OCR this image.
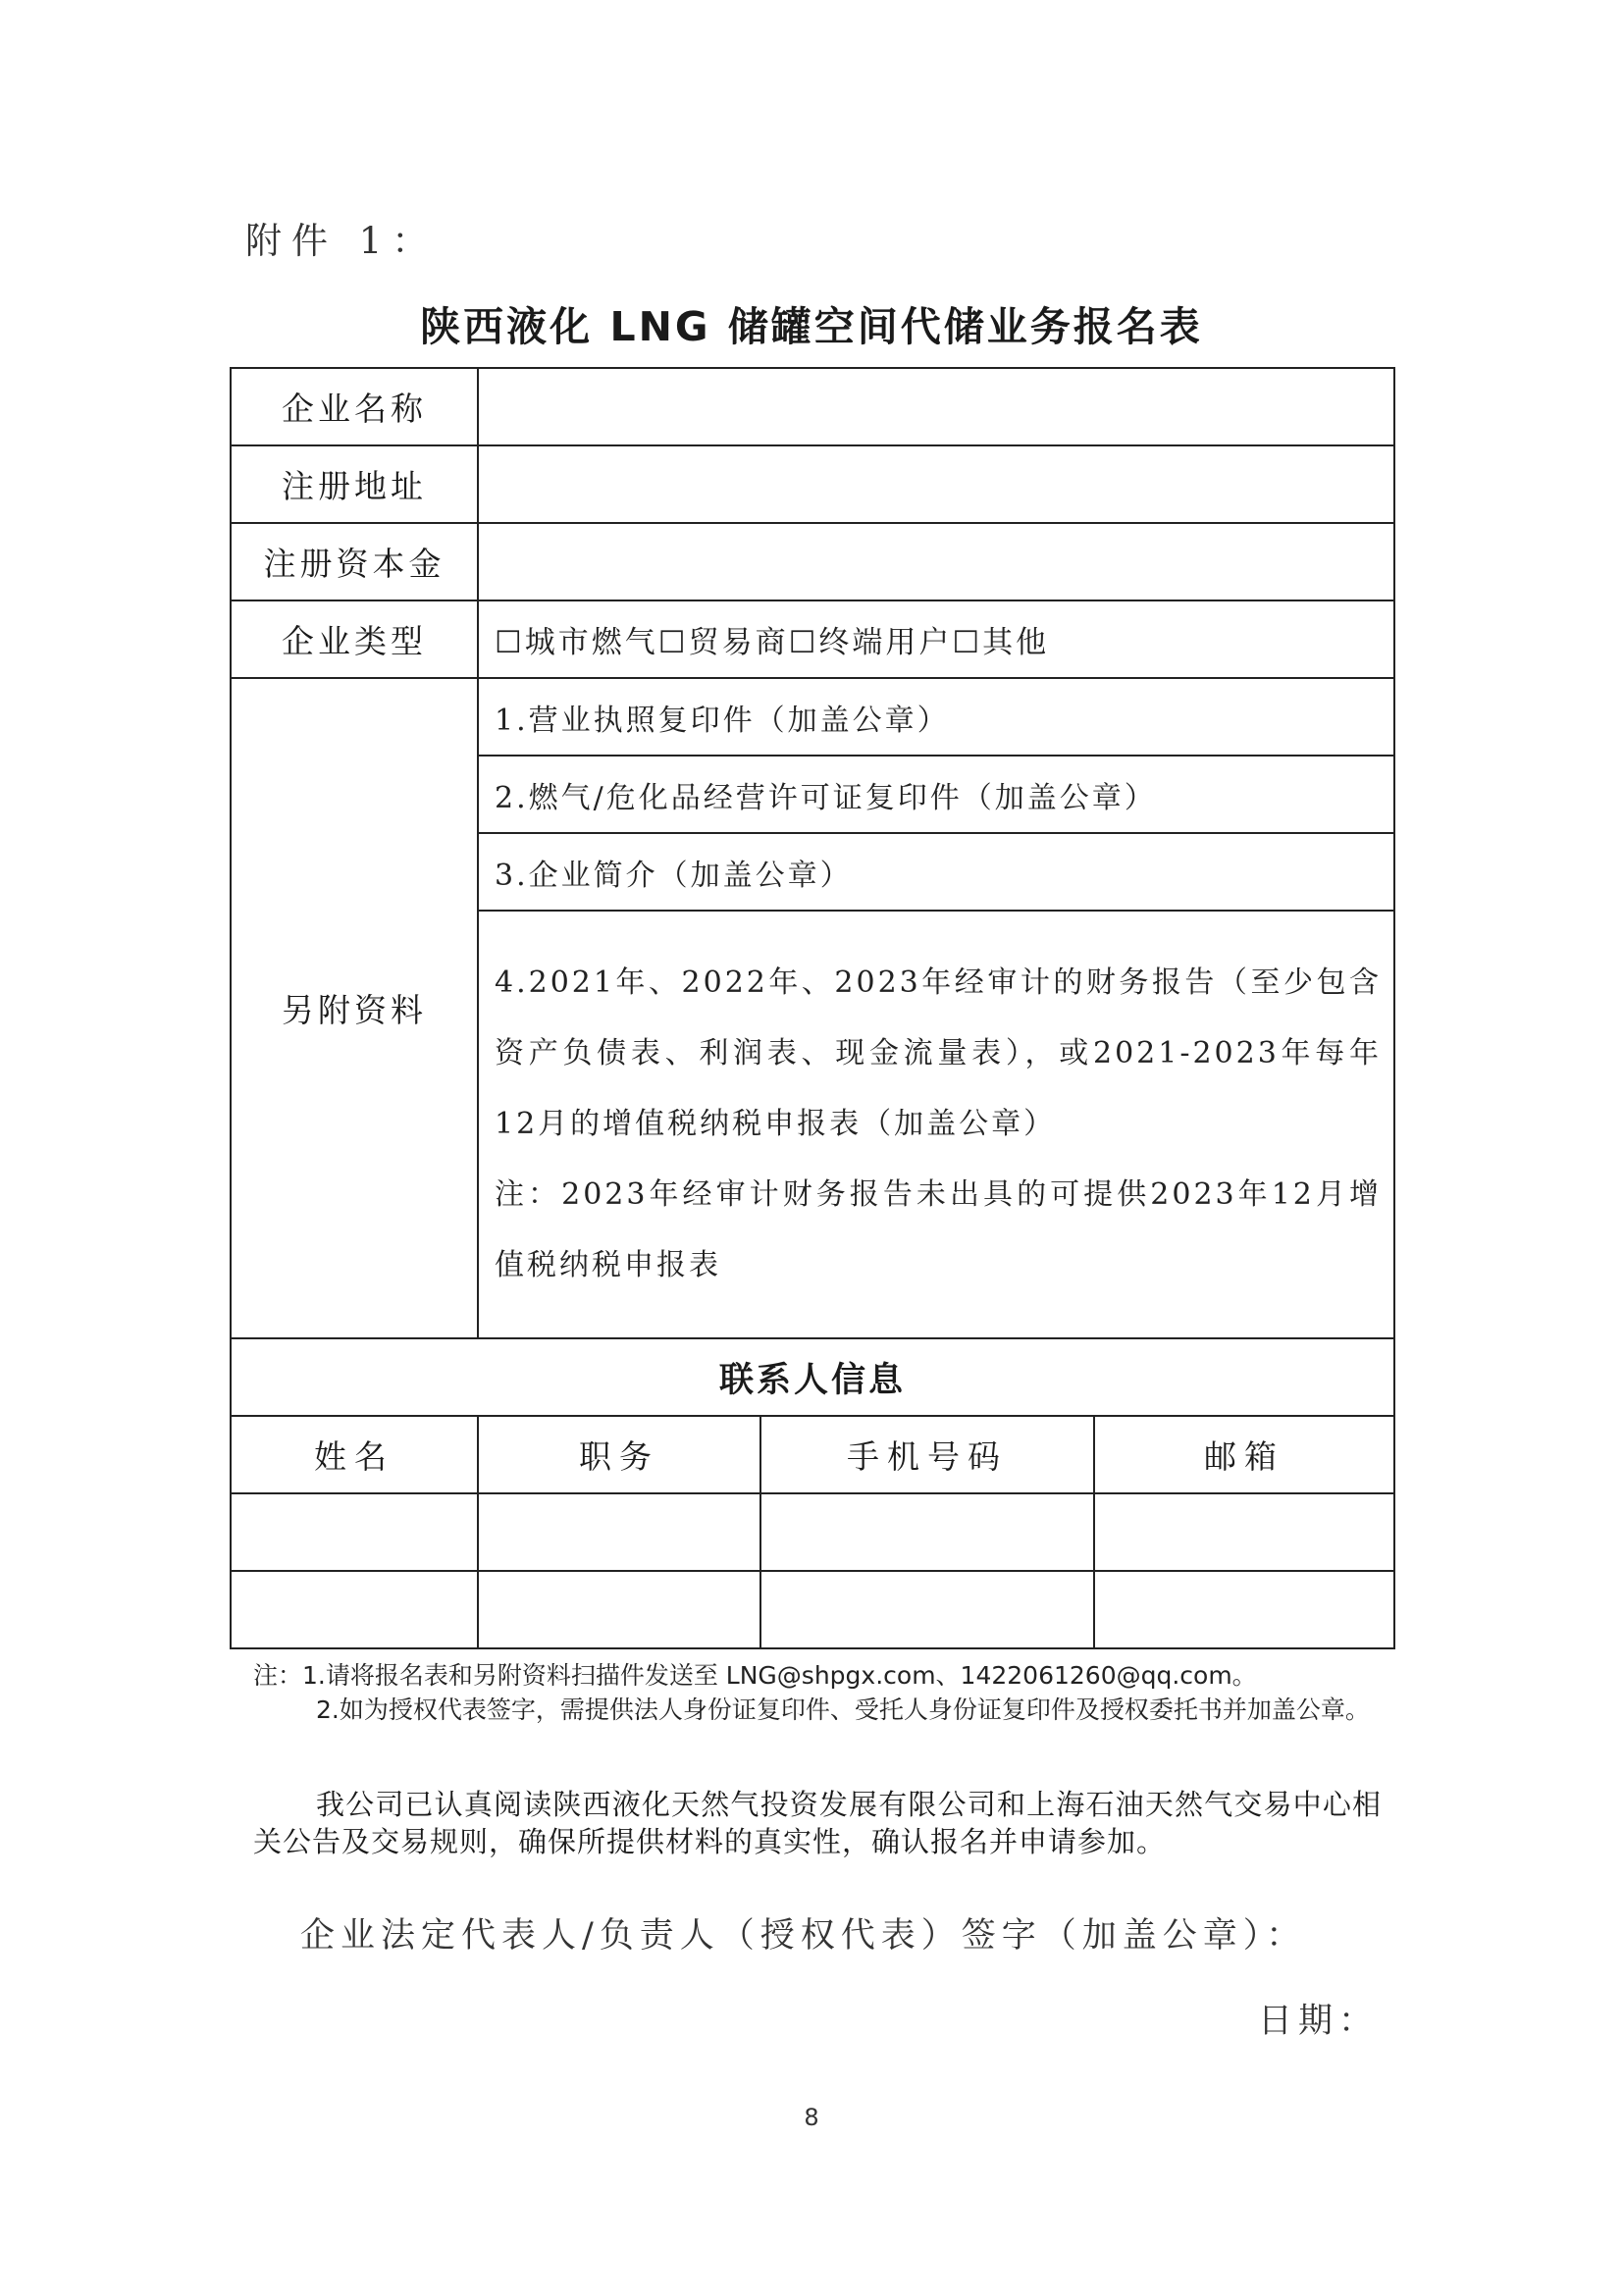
附件 1：
陕西液化 LNG 储罐空间代储业务报名表
企业名称			
注册地址			
注册资本金			
企业类型	☐城市燃气☐贸易商☐终端用户☐其他		
另附资料	1.营业执照复印件（加盖公章）		
	2.燃气/危化品经营许可证复印件（加盖公章）		
	3.企业简介（加盖公章）		
	4.2021年、2022年、2023年经审计的财务报告（至少包含资产负债表、利润表、现金流量表），或2021-2023年每年12月的增值税纳税申报表（加盖公章）
注：2023年经审计财务报告未出具的可提供2023年12月增值税纳税申报表		

联系人信息			
姓名	职务	手机号码	邮箱

注：1.请将报名表和另附资料扫描件发送至 LNG@shpgx.com、1422061260@qq.com。

2.如为授权代表签字，需提供法人身份证复印件、受托人身份证复印件及授权委托书并加盖公章。

我公司已认真阅读陕西液化天然气投资发展有限公司和上海石油天然气交易中心相关公告及交易规则，确保所提供材料的真实性，确认报名并申请参加。
企业法定代表人/负责人（授权代表）签字（加盖公章）：
日期：
8
